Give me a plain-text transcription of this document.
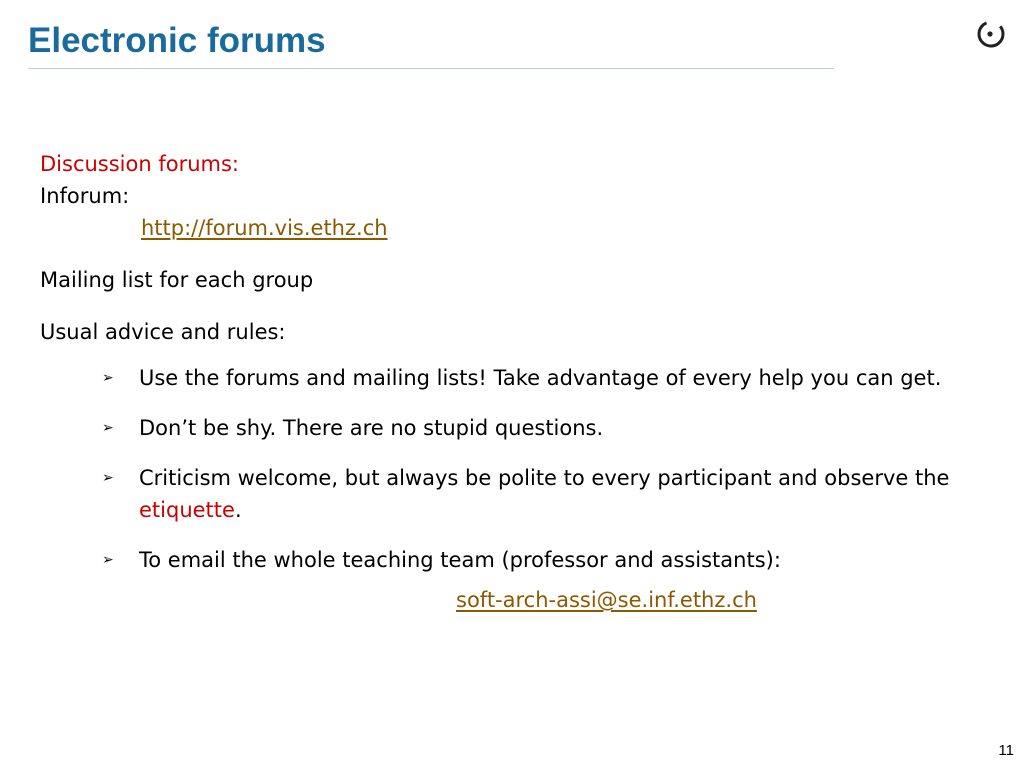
Electronic forums
Discussion forums:
Inforum:
http://forum.vis.ethz.ch
Mailing list for each group
Usual advice and rules:
➢ Use the forums and mailing lists! Take advantage of every help you can get.
➢ Don’t be shy. There are no stupid questions.
➢ Criticism welcome, but always be polite to every participant and observe the etiquette.
➢ To email the whole teaching team (professor and assistants):
soft-arch-assi@se.inf.ethz.ch
11
